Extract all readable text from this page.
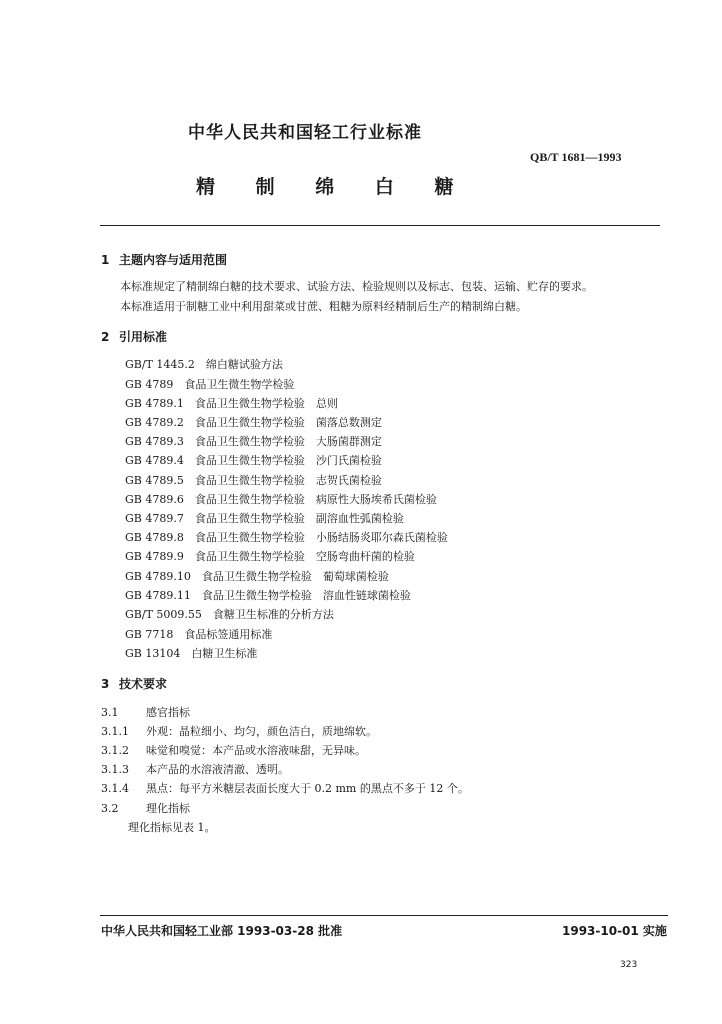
中华人民共和国轻工行业标准
QB/T 1681—1993
精 制 绵 白 糖
1 主题内容与适用范围
本标准规定了精制绵白糖的技术要求、试验方法、检验规则以及标志、包装、运输、贮存的要求。
本标准适用于制糖工业中利用甜菜或甘蔗、粗糖为原料经精制后生产的精制绵白糖。
2 引用标准
GB/T 1445.2　绵白糖试验方法
GB 4789　食品卫生微生物学检验
GB 4789.1　食品卫生微生物学检验　总则
GB 4789.2　食品卫生微生物学检验　菌落总数测定
GB 4789.3　食品卫生微生物学检验　大肠菌群测定
GB 4789.4　食品卫生微生物学检验　沙门氏菌检验
GB 4789.5　食品卫生微生物学检验　志贺氏菌检验
GB 4789.6　食品卫生微生物学检验　病原性大肠埃希氏菌检验
GB 4789.7　食品卫生微生物学检验　副溶血性弧菌检验
GB 4789.8　食品卫生微生物学检验　小肠结肠炎耶尔森氏菌检验
GB 4789.9　食品卫生微生物学检验　空肠弯曲杆菌的检验
GB 4789.10　食品卫生微生物学检验　葡萄球菌检验
GB 4789.11　食品卫生微生物学检验　溶血性链球菌检验
GB/T 5009.55　食糖卫生标准的分析方法
GB 7718　食品标签通用标准
GB 13104　白糖卫生标准
3 技术要求
3.1	感官指标
3.1.1 外观：晶粒细小、均匀，颜色洁白，质地绵软。
3.1.2 味觉和嗅觉：本产品或水溶液味甜，无异味。
3.1.3 本产品的水溶液清澈、透明。
3.1.4 黑点：每平方米糖层表面长度大于 0.2 mm 的黑点不多于 12 个。
3.2	理化指标
理化指标见表 1。
中华人民共和国轻工业部 1993-03-28 批准	1993-10-01 实施
323
